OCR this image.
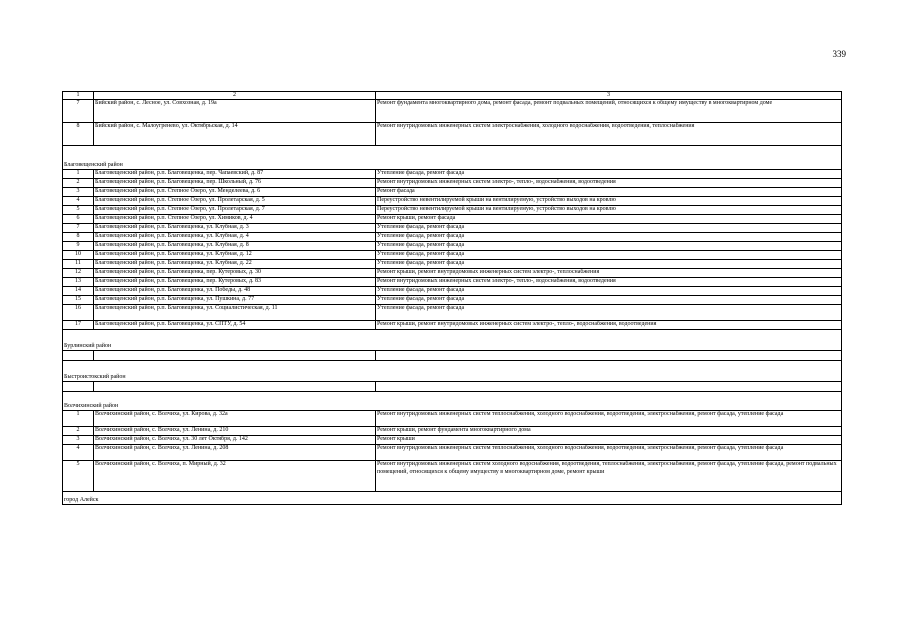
339
1	2	3
7	Бийский район, с. Лесное, ул. Совхозная, д. 19а	Ремонт фундамента многоквартирного дома, ремонт фасада, ремонт подвальных помещений, относящихся к общему имуществу в многоквартирном доме
8	Бийский район, с. Малоугренево, ул. Октябрьская, д. 14	Ремонт внутридомовых инженерных систем электроснабжения, холодного водоснабжения, водоотведения, теплоснабжения
Благовещенский район		
1	Благовещенский район, р.п. Благовещенка, пер. Чапаевский, д. 87	Утепление фасада, ремонт фасада
2	Благовещенский район, р.п. Благовещенка, пер. Школьный, д. 76	Ремонт внутридомовых инженерных систем электро-, тепло-, водоснабжения, водоотведения
3	Благовещенский район, р.п. Степное Озеро, ул. Менделеева, д. 6	Ремонт фасада
4	Благовещенский район, р.п. Степное Озеро, ул. Пролетарская, д. 5	Переустройство невентилируемой крыши на вентилируемую, устройство выходов на кровлю
5	Благовещенский район, р.п. Степное Озеро, ул. Пролетарская, д. 7	Переустройство невентилируемой крыши на вентилируемую, устройство выходов на кровлю
6	Благовещенский район, р.п. Степное Озеро, ул. Химиков, д. 4	Ремонт крыши, ремонт фасада
7	Благовещенский район, р.п. Благовещенка, ул. Клубная, д. 3	Утепление фасада, ремонт фасада
8	Благовещенский район, р.п. Благовещенка, ул. Клубная, д. 4	Утепление фасада, ремонт фасада
9	Благовещенский район, р.п. Благовещенка, ул. Клубная, д. 8	Утепление фасада, ремонт фасада
10	Благовещенский район, р.п. Благовещенка, ул. Клубная, д. 12	Утепление фасада, ремонт фасада
11	Благовещенский район, р.п. Благовещенка, ул. Клубная, д. 22	Утепление фасада, ремонт фасада
12	Благовещенский район, р.п. Благовещенка, пер. Кутеровых, д. 30	Ремонт крыши, ремонт внутридомовых инженерных систем электро-, теплоснабжения
13	Благовещенский район, р.п. Благовещенка, пер. Кутеровых, д. 83	Ремонт внутридомовых инженерных систем электро-, тепло-, водоснабжения, водоотведения
14	Благовещенский район, р.п. Благовещенка, ул. Победы, д. 48	Утепление фасада, ремонт фасада
15	Благовещенский район, р.п. Благовещенка, ул. Пушкина, д. 77	Утепление фасада, ремонт фасада
16	Благовещенский район, р.п. Благовещенка, ул. Социалистическая, д. 11	Утепление фасада, ремонт фасада
17	Благовещенский район, р.п. Благовещенка, ул. СПТУ, д. 54	Ремонт крыши, ремонт внутридомовых инженерных систем электро-, тепло-, водоснабжения, водоотведения
Бурлинский район		

Быстроистокский район		

Волчихинский район		
1	Волчихинский район, с. Волчиха, ул. Кирова, д. 32а	Ремонт внутридомовых инженерных систем теплоснабжения, холодного водоснабжения, водоотведения, электроснабжения, ремонт фасада, утепление фасада
2	Волчихинский район, с. Волчиха, ул. Ленина, д. 210	Ремонт крыши, ремонт фундамента многоквартирного дома
3	Волчихинский район, с. Волчиха, ул. 30 лет Октября, д. 142	Ремонт крыши
4	Волчихинский район, с. Волчиха, ул. Ленина, д. 208	Ремонт внутридомовых инженерных систем теплоснабжения, холодного водоснабжения, водоотведения, электроснабжения, ремонт фасада, утепление фасада
5	Волчихинский район, с. Волчиха, п. Мирный, д. 32	Ремонт внутридомовых инженерных систем холодного водоснабжения, водоотведения, теплоснабжения, электроснабжения, ремонт фасада, утепление фасада, ремонт подвальных помещений, относящихся к общему имуществу в многоквартирном доме, ремонт крыши
город Алейск		
